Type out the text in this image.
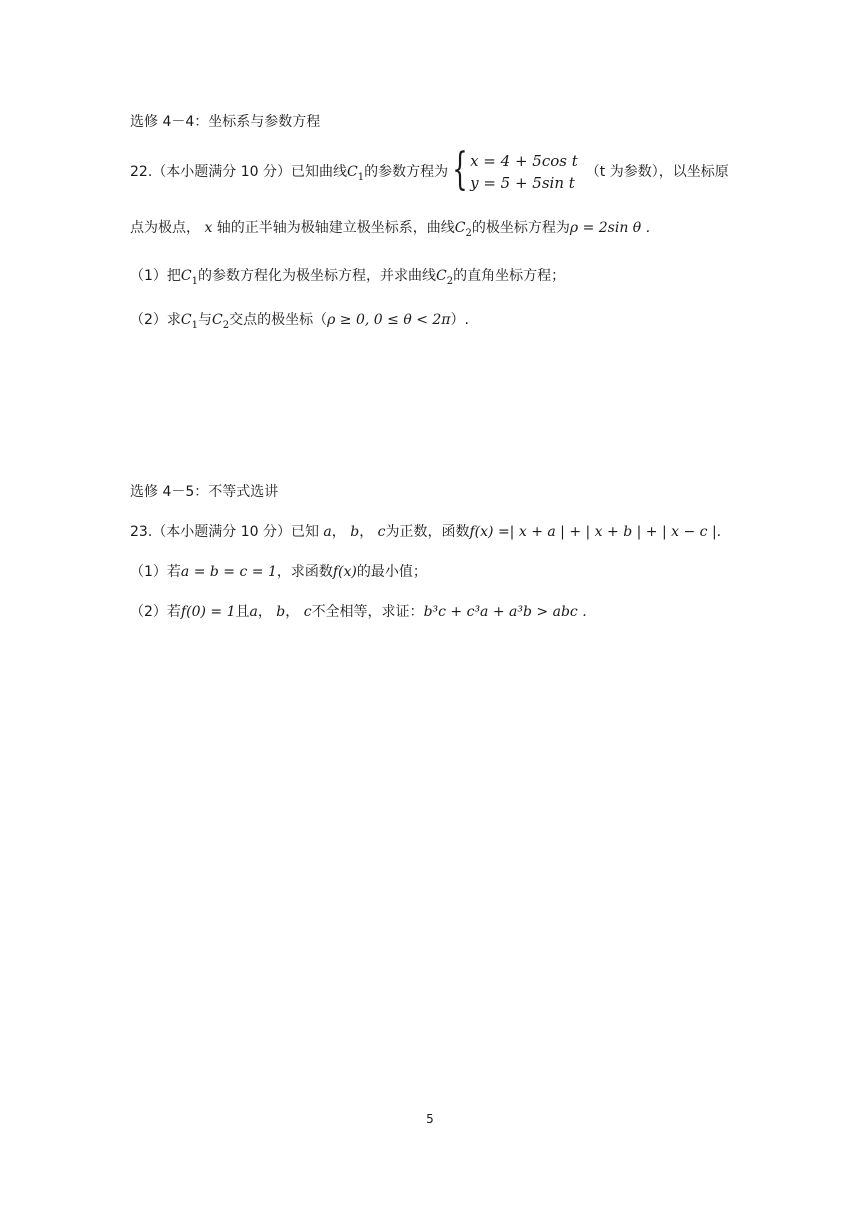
选修 4－4：坐标系与参数方程
22.（本小题满分 10 分）已知曲线$C_1$的参数方程为{ x = 4 + 5cos t
y = 5 + 5sin t
（t 为参数），以坐标原
点为极点， x 轴的正半轴为极轴建立极坐标系，曲线$C_2$的极坐标方程为ρ = 2sin θ .
（1）把$C_1$的参数方程化为极坐标方程，并求曲线$C_2$的直角坐标方程；
（2）求$C_1$与$C_2$交点的极坐标（ρ ≥ 0, 0 ≤ θ < 2π）.
选修 4－5：不等式选讲
23.（本小题满分 10 分）已知 a， b， c为正数，函数f(x) =| x + a | + | x + b | + | x − c |.
（1）若a = b = c = 1，求函数f(x)的最小值；
（2）若f(0) = 1且a， b， c不全相等，求证：b³c + c³a + a³b > abc .
5
